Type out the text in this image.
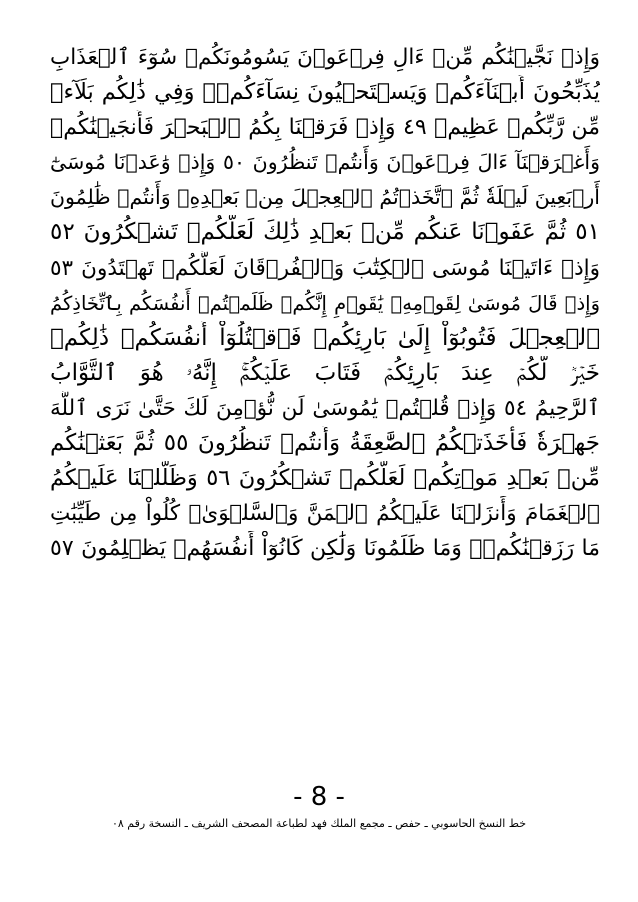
وَإِذۡ نَجَّيۡنَٰكُم مِّنۡ ءَالِ فِرۡعَوۡنَ يَسُومُونَكُمۡ سُوٓءَ ٱلۡعَذَابِ
يُذَبِّحُونَ أَبۡنَآءَكُمۡ وَيَسۡتَحۡيُونَ نِسَآءَكُمۡۚ وَفِي ذَٰلِكُم بَلَآءٞ
مِّن رَّبِّكُمۡ عَظِيمٞ ٤٩ وَإِذۡ فَرَقۡنَا بِكُمُ ٱلۡبَحۡرَ فَأَنجَيۡنَٰكُمۡ
وَأَغۡرَقۡنَآ ءَالَ فِرۡعَوۡنَ وَأَنتُمۡ تَنظُرُونَ ٥٠ وَإِذۡ وَٰعَدۡنَا مُوسَىٰٓ
أَرۡبَعِينَ لَيۡلَةٗ ثُمَّ ٱتَّخَذۡتُمُ ٱلۡعِجۡلَ مِنۢ بَعۡدِهِۦ وَأَنتُمۡ ظَٰلِمُونَ
٥١ ثُمَّ عَفَوۡنَا عَنكُم مِّنۢ بَعۡدِ ذَٰلِكَ لَعَلَّكُمۡ تَشۡكُرُونَ ٥٢
وَإِذۡ ءَاتَيۡنَا مُوسَى ٱلۡكِتَٰبَ وَٱلۡفُرۡقَانَ لَعَلَّكُمۡ تَهۡتَدُونَ ٥٣
وَإِذۡ قَالَ مُوسَىٰ لِقَوۡمِهِۦ يَٰقَوۡمِ إِنَّكُمۡ ظَلَمۡتُمۡ أَنفُسَكُم بِٱتِّخَاذِكُمُ
ٱلۡعِجۡلَ فَتُوبُوٓاْ إِلَىٰ بَارِئِكُمۡ فَٱقۡتُلُوٓاْ أَنفُسَكُمۡ ذَٰلِكُمۡ
خَيۡرٞ لَّكُمۡ عِندَ بَارِئِكُمۡ فَتَابَ عَلَيۡكُمۡۚ إِنَّهُۥ هُوَ ٱلتَّوَّابُ
ٱلرَّحِيمُ ٥٤ وَإِذۡ قُلۡتُمۡ يَٰمُوسَىٰ لَن نُّؤۡمِنَ لَكَ حَتَّىٰ نَرَى ٱللَّهَ
جَهۡرَةٗ فَأَخَذَتۡكُمُ ٱلصَّٰعِقَةُ وَأَنتُمۡ تَنظُرُونَ ٥٥ ثُمَّ بَعَثۡنَٰكُم
مِّنۢ بَعۡدِ مَوۡتِكُمۡ لَعَلَّكُمۡ تَشۡكُرُونَ ٥٦ وَظَلَّلۡنَا عَلَيۡكُمُ
ٱلۡغَمَامَ وَأَنزَلۡنَا عَلَيۡكُمُ ٱلۡمَنَّ وَٱلسَّلۡوَىٰۖ كُلُواْ مِن طَيِّبَٰتِ
مَا رَزَقۡنَٰكُمۡۚ وَمَا ظَلَمُونَا وَلَٰكِن كَانُوٓاْ أَنفُسَهُمۡ يَظۡلِمُونَ ٥٧
- 8 -
خط النسخ الحاسوبي ـ حفص ـ مجمع الملك فهد لطباعة المصحف الشريف ـ النسخة رقم ٠٨
